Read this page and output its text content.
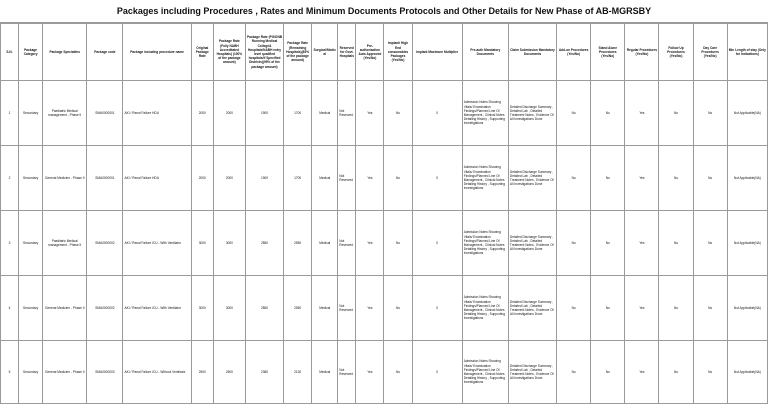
Packages including Procedures , Rates and Minimum Documents Protocols and Other Details for New Phase of AB-MGRSBY
S.N.	Package Category	Package Speciaities	Package code	Package including procedure name	Original Package Rate	Package Rate (Fully NABH Accreditated Hospitals) (100% of the package amount)	Package Rate (PG/DNB Running Medical College& Hospitals/NABH entry level qualified hospitals/If Specified Districts)(95% of the package amount)	Package Rate (Remaining Hospitals)(85% of the package amount)	Surgical/Medical	Reserved for Govt. Hospitals	Pre-authorization Auto Approved (Yes/No)	Implant/ High End consumables Packages (Yes/No)	Implant Maximum Multiplier	Pre-auth Mandatory Documents	Claim Submission Mandatory Documents	Add-on Procedures (Yes/No)	Stand Alone Procedures (Yes/No)	Regular Procedures (Yes/No)	Follow Up Procedures (Yes/No)	Day Care Procedures (Yes/No)	Min Length of stay (Only for Indications)
1	Secondary	Paediatric Medical management - Phase II	SMA0000001	AKI / Renal Failure HDU	2000	2000	1900	1700	Medical	Not Reserved	Yes	No	0	Admission Notes Showing Vitals/ Examination Findings/Planned Line Of Management , Clinical Notes Detailing History , Supporting Investigations	Detailed Discharge Summary , Detailed Lab , Detailed Treatment Notes , Evidence Of All Investigations Done	No	No	Yes	No	No	Not Applicable(NA)
2	Secondary	General Medicine - Phase II	SMA0000001	AKI / Renal Failure HDU	2000	2000	1900	1700	Medical	Not Reserved	Yes	No	0	Admission Notes Showing Vitals/ Examination Findings/Planned Line Of Management , Clinical Notes Detailing History , Supporting Investigations	Detailed Discharge Summary , Detailed Lab , Detailed Treatment Notes , Evidence Of All Investigations Done	No	No	Yes	No	No	Not Applicable(NA)
3	Secondary	Paediatric Medical management - Phase II	SMA0000002	AKI / Renal Failure ICU - With Ventilator	3000	3000	2850	2550	Medical	Not Reserved	Yes	No	0	Admission Notes Showing Vitals/ Examination Findings/Planned Line Of Management , Clinical Notes Detailing History , Supporting Investigations	Detailed Discharge Summary , Detailed Lab , Detailed Treatment Notes , Evidence Of All Investigations Done	No	No	Yes	No	No	Not Applicable(NA)
4	Secondary	General Medicine - Phase II	SMA0000002	AKI / Renal Failure ICU - With Ventilator	3000	3000	2850	2550	Medical	Not Reserved	Yes	No	0	Admission Notes Showing Vitals/ Examination Findings/Planned Line Of Management , Clinical Notes Detailing History , Supporting Investigations	Detailed Discharge Summary , Detailed Lab , Detailed Treatment Notes , Evidence Of All Investigations Done	No	No	Yes	No	No	Not Applicable(NA)
5	Secondary	General Medicine - Phase II	SMA0000003	AKI / Renal Failure ICU - Without Ventilator	2500	2500	2380	2130	Medical	Not Reserved	Yes	No	0	Admission Notes Showing Vitals/ Examination Findings/Planned Line Of Management , Clinical Notes Detailing History , Supporting Investigations	Detailed Discharge Summary , Detailed Lab , Detailed Treatment Notes , Evidence Of All Investigations Done	No	No	Yes	No	No	Not Applicable(NA)
